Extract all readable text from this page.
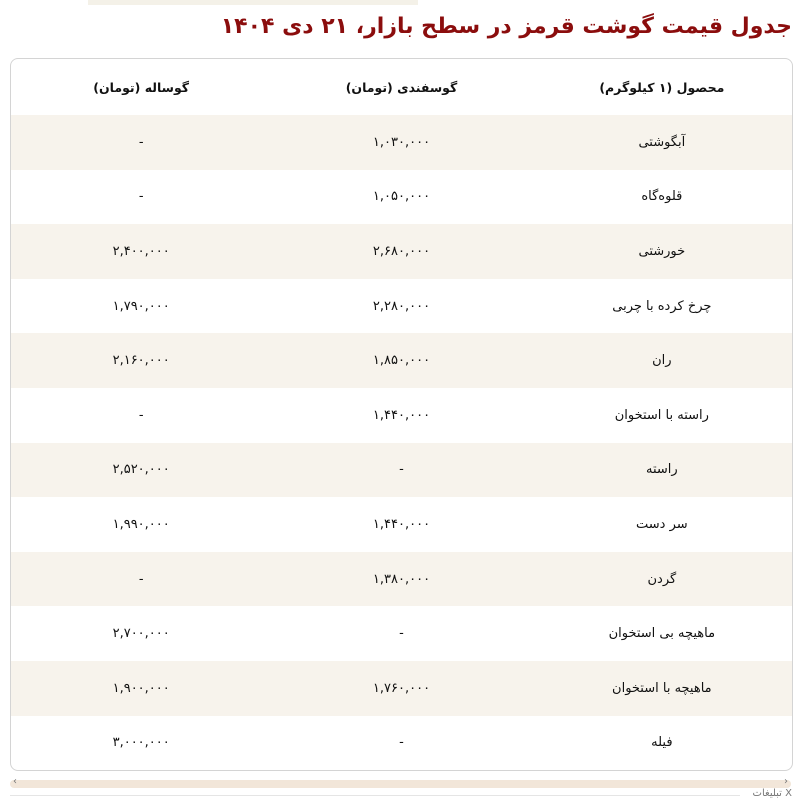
جدول قیمت گوشت قرمز در سطح بازار، ۲۱ دی ۱۴۰۴
محصول (۱ کیلوگرم)
گوسفندی (تومان)
گوساله (تومان)
آبگوشتی
۱,۰۳۰,۰۰۰
-
قلوه‌گاه
۱,۰۵۰,۰۰۰
-
خورشتی
۲,۶۸۰,۰۰۰
۲,۴۰۰,۰۰۰
چرخ کرده با چربی
۲,۲۸۰,۰۰۰
۱,۷۹۰,۰۰۰
ران
۱,۸۵۰,۰۰۰
۲,۱۶۰,۰۰۰
راسته با استخوان
۱,۴۴۰,۰۰۰
-
راسته
-
۲,۵۲۰,۰۰۰
سر دست
۱,۴۴۰,۰۰۰
۱,۹۹۰,۰۰۰
گردن
۱,۳۸۰,۰۰۰
-
ماهیچه بی استخوان
-
۲,۷۰۰,۰۰۰
ماهیچه با استخوان
۱,۷۶۰,۰۰۰
۱,۹۰۰,۰۰۰
فیله
-
۳,۰۰۰,۰۰۰
‹	›
X تبلیغات
